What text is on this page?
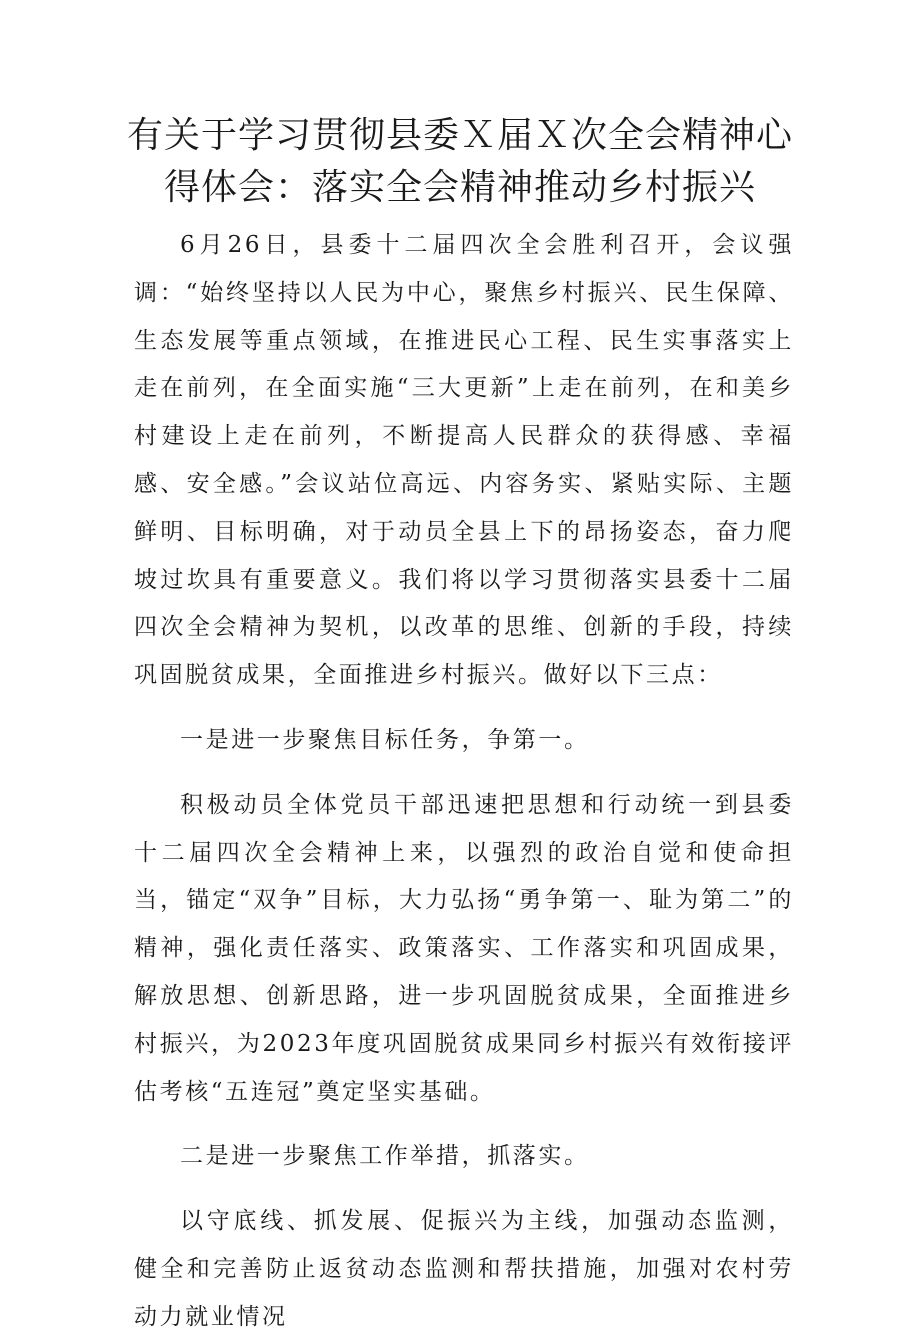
有关于学习贯彻县委Ｘ届Ｘ次全会精神心得体会：落实全会精神推动乡村振兴

6月26日，县委十二届四次全会胜利召开，会议强调：“始终坚持以人民为中心，聚焦乡村振兴、民生保障、生态发展等重点领域，在推进民心工程、民生实事落实上走在前列，在全面实施“三大更新”上走在前列，在和美乡村建设上走在前列，不断提高人民群众的获得感、幸福感、安全感。”会议站位高远、内容务实、紧贴实际、主题鲜明、目标明确，对于动员全县上下的昂扬姿态，奋力爬坡过坎具有重要意义。我们将以学习贯彻落实县委十二届四次全会精神为契机，以改革的思维、创新的手段，持续巩固脱贫成果，全面推进乡村振兴。做好以下三点：

一是进一步聚焦目标任务，争第一。

积极动员全体党员干部迅速把思想和行动统一到县委十二届四次全会精神上来，以强烈的政治自觉和使命担当，锚定“双争”目标，大力弘扬“勇争第一、耻为第二”的精神，强化责任落实、政策落实、工作落实和巩固成果，解放思想、创新思路，进一步巩固脱贫成果，全面推进乡村振兴，为2023年度巩固脱贫成果同乡村振兴有效衔接评估考核“五连冠”奠定坚实基础。

二是进一步聚焦工作举措，抓落实。

以守底线、抓发展、促振兴为主线，加强动态监测，健全和完善防止返贫动态监测和帮扶措施，加强对农村劳动力就业情况
